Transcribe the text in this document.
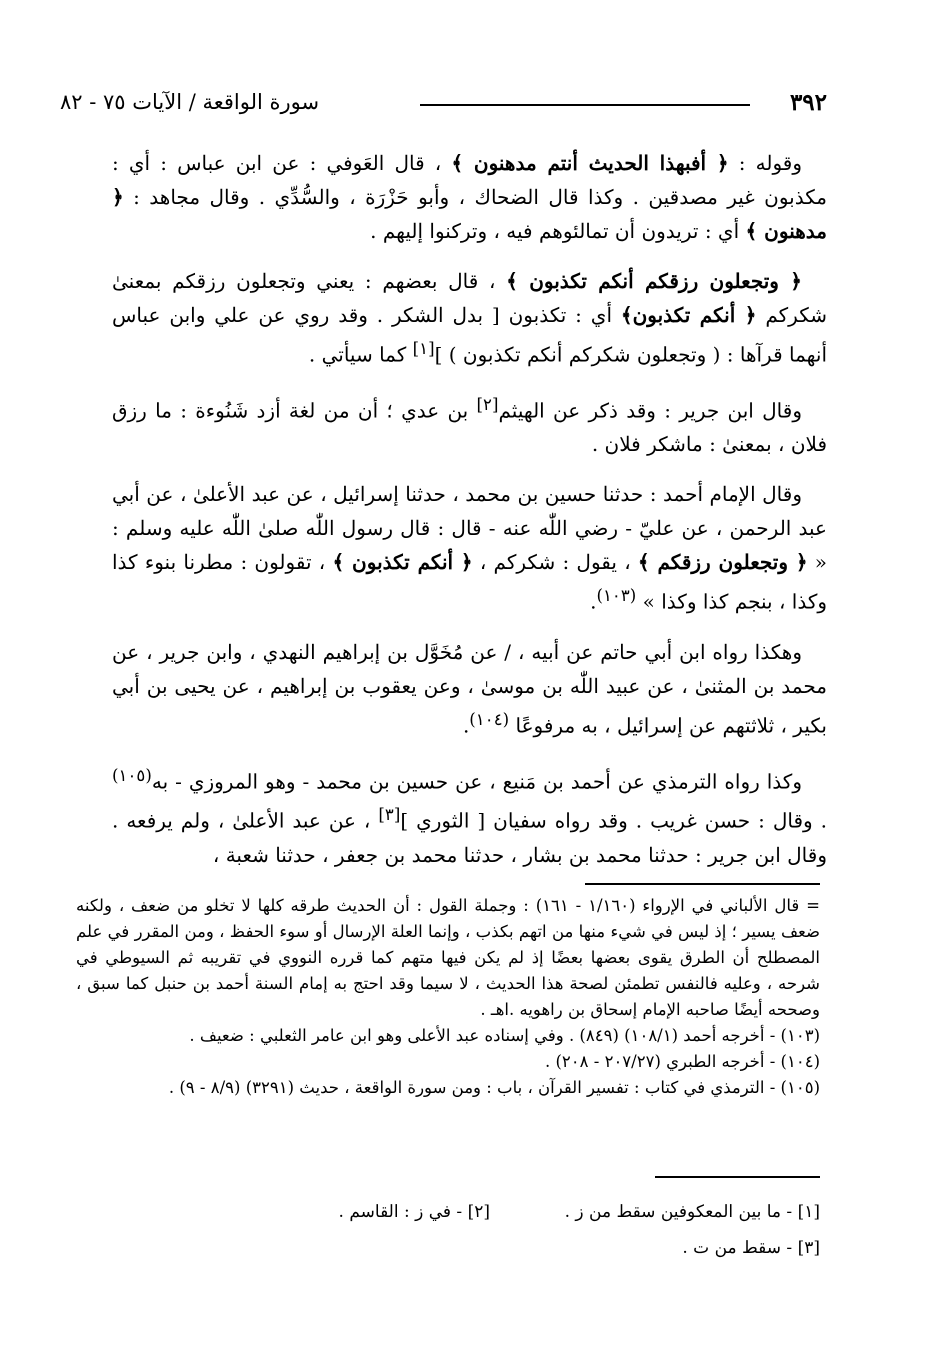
٣٩٢
سورة الواقعة / الآيات ٧٥ - ٨٢

وقوله : ﴿ أفبهذا الحديث أنتم مدهنون ﴾ ، قال العَوفي : عن ابن عباس : أي : مكذبون غير مصدقين . وكذا قال الضحاك ، وأبو حَزْرَة ، والسُّدِّي . وقال مجاهد : ﴿ مدهنون ﴾ أي : تريدون أن تمالئوهم فيه ، وتركنوا إليهم .

﴿ وتجعلون رزقكم أنكم تكذبون ﴾ ، قال بعضهم : يعني وتجعلون رزقكم بمعنىٰ شكركم ﴿ أنكم تكذبون﴾ أي : تكذبون [ بدل الشكر . وقد روي عن علي وابن عباس أنهما قرآها : ( وتجعلون شكركم أنكم تكذبون ) ][١] كما سيأتي .

وقال ابن جرير : وقد ذكر عن الهيثم[٢] بن عدي ؛ أن من لغة أزد شَنُوءة : ما رزق فلان ، بمعنىٰ : ماشكر فلان .

وقال الإمام أحمد : حدثنا حسين بن محمد ، حدثنا إسرائيل ، عن عبد الأعلىٰ ، عن أبي عبد الرحمن ، عن عليّ - رضي اللّٰه عنه - قال : قال رسول اللّٰه صلىٰ اللّٰه عليه وسلم : « ﴿ وتجعلون رزقكم ﴾ ، يقول : شكركم ، ﴿ أنكم تكذبون ﴾ ، تقولون : مطرنا بنوء كذا وكذا ، بنجم كذا وكذا » $^{(١٠٣)}$.

وهكذا رواه ابن أبي حاتم عن أبيه ، / عن مُخَوَّل بن إبراهيم النهدي ، وابن جرير ، عن محمد بن المثنىٰ ، عن عبيد اللّٰه بن موسىٰ ، وعن يعقوب بن إبراهيم ، عن يحيى بن أبي بكير ، ثلاثتهم عن إسرائيل ، به مرفوعًا $^{(١٠٤)}$.

وكذا رواه الترمذي عن أحمد بن مَنيع ، عن حسين بن محمد - وهو المروزي - به$^{(١٠٥)}$ . وقال : حسن غريب . وقد رواه سفيان [ الثوري ][٣] ، عن عبد الأعلىٰ ، ولم يرفعه . وقال ابن جرير : حدثنا محمد بن بشار ، حدثنا محمد بن جعفر ، حدثنا شعبة ،

= قال الألباني في الإرواء (١/١٦٠ - ١٦١) : وجملة القول : أن الحديث طرقه كلها لا تخلو من ضعف ، ولكنه ضعف يسير ؛ إذ ليس في شيء منها من اتهم بكذب ، وإنما العلة الإرسال أو سوء الحفظ ، ومن المقرر في علم المصطلح أن الطرق يقوى بعضها بعضًا إذ لم يكن فيها متهم كما قرره النووي في تقريبه ثم السيوطي في شرحه ، وعليه فالنفس تطمئن لصحة هذا الحديث ، لا سيما وقد احتج به إمام السنة أحمد بن حنبل كما سبق ، وصححه أيضًا صاحبه الإمام إسحاق بن راهويه .اهـ .

(١٠٣) - أخرجه أحمد (١٠٨/١) (٨٤٩) . وفي إسناده عبد الأعلى وهو ابن عامر الثعلبي : ضعيف .

(١٠٤) - أخرجه الطبري (٢٠٧/٢٧ - ٢٠٨) .

(١٠٥) - الترمذي في كتاب : تفسير القرآن ، باب : ومن سورة الواقعة ، حديث (٣٢٩١) (٨/٩ - ٩) .

[١] - ما بين المعكوفين سقط من ز .
[٢] - في ز : القاسم .
[٣] - سقط من ت .
